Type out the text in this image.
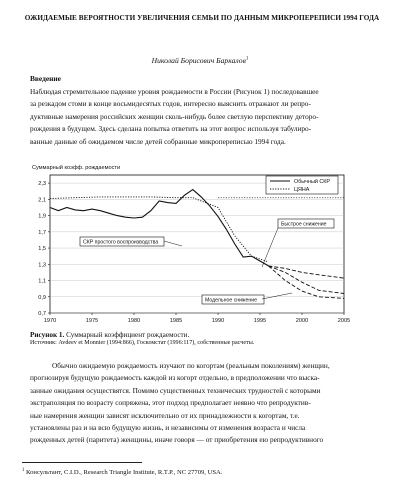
ОЖИДАЕМЫЕ ВЕРОЯТНОСТИ УВЕЛИЧЕНИЯ СЕМЬИ ПО ДАННЫМ МИКРОПЕРЕПИСИ 1994 ГОДА
Николай Борисович Баркалов$^1$
Введение
Наблюдая стремительное падение уровня рождаемости в России (Рисунок 1) последовавшее
за резкадом стоми в конце восьмидесятых годов, интересно выяснить отражают ли репро-
дуктивные намерения российских женщин сколь-нибудь более светлую перспективу деторо-
рождения в будущем. Здесь сделана попытка ответить на этот вопрос используя табулиро-
ванные данные об ожидаемом числе детей собранные микропереписью 1994 года.
Суммарный коэфф. рождаемости
0,7
0,9
1,1
1,3
1,5
1,7
1,9
2,1
2,3
1970	1975	1980	1985	1990	1995	2000	2005
Обычный СКР
ЦЯНА
СКР простого воспроизводства
Быстрое снижение
Модельное снижение
Рисунок 1. Суммарный коэффициент рождаемости.
Источник: Avdeev et Monnier (1994:866), Госкомстат (1996:117), собственные расчеты.
Обычно ожидаемую рождаемость изучают по когортам (реальным поколениям) женщин,
прогнозируя будущую рождаемость каждой из когорт отдельно, в предположении что выска-
занные ожидания осуществятся. Помимо существенных технических трудностей с которыми
экстраполяция по возрасту сопряжена, этот подход предполагает неявно что репродуктив-
ные намерения женщин зависят исключительно от их принадлежности к когортам, т.е.
установлены раз и на всю будущую жизнь, и независимы от изменения возраста и числа
рожденных детей (паритета) женщины, иначе говоря — от приобретения ею репродуктивного
$^1$ Консультант, C.I.D., Research Triangle Institute, R.T.P., NC 27709, USA.
